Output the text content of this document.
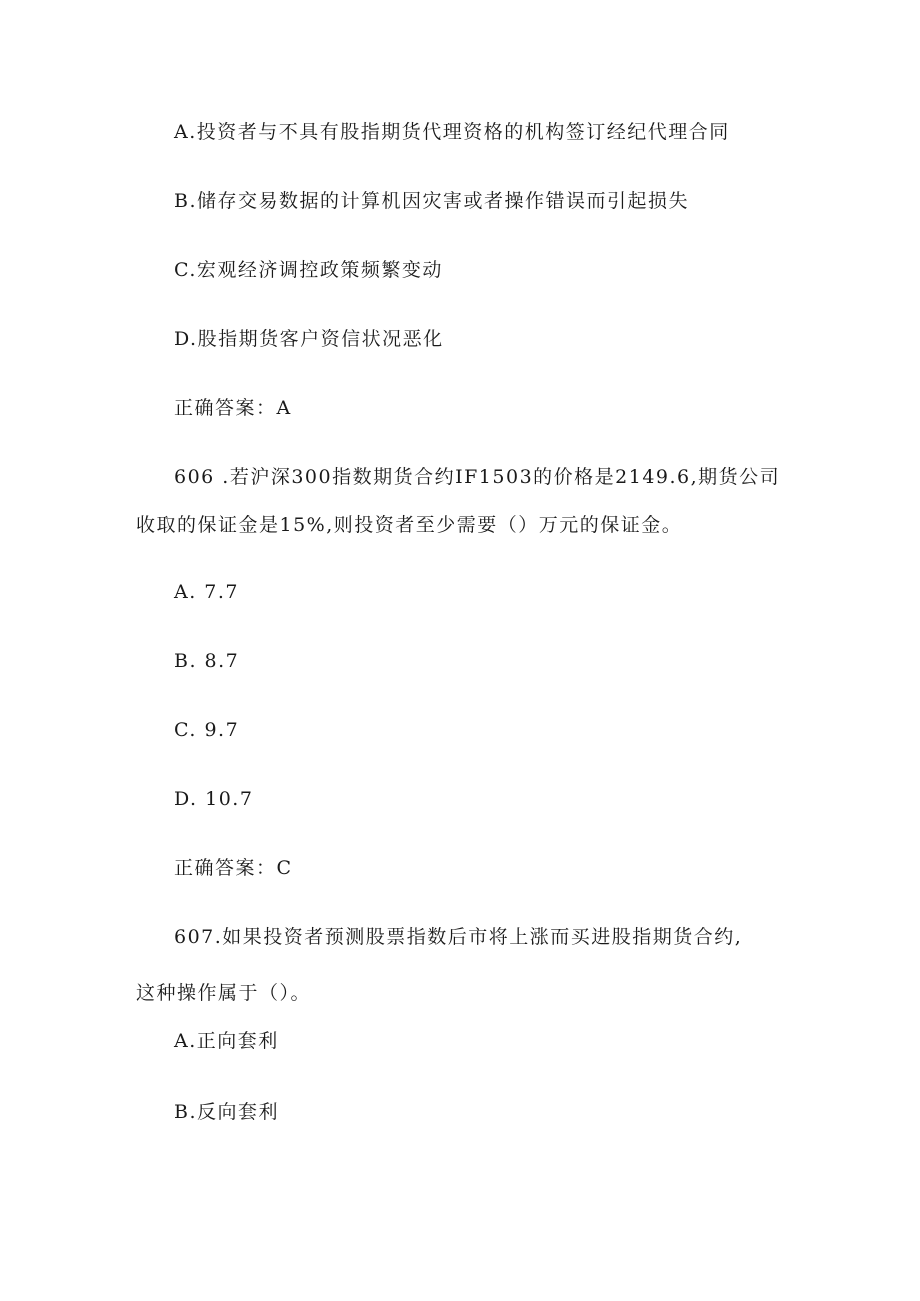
A.投资者与不具有股指期货代理资格的机构签订经纪代理合同
B.储存交易数据的计算机因灾害或者操作错误而引起损失
C.宏观经济调控政策频繁变动
D.股指期货客户资信状况恶化
正确答案：A
606 .若沪深300指数期货合约IF1503的价格是2149.6,期货公司
收取的保证金是15%,则投资者至少需要（）万元的保证金。
A. 7.7
B. 8.7
C. 9.7
D. 10.7
正确答案：C
607.如果投资者预测股票指数后市将上涨而买进股指期货合约,
这种操作属于（）。
A.正向套利
B.反向套利
